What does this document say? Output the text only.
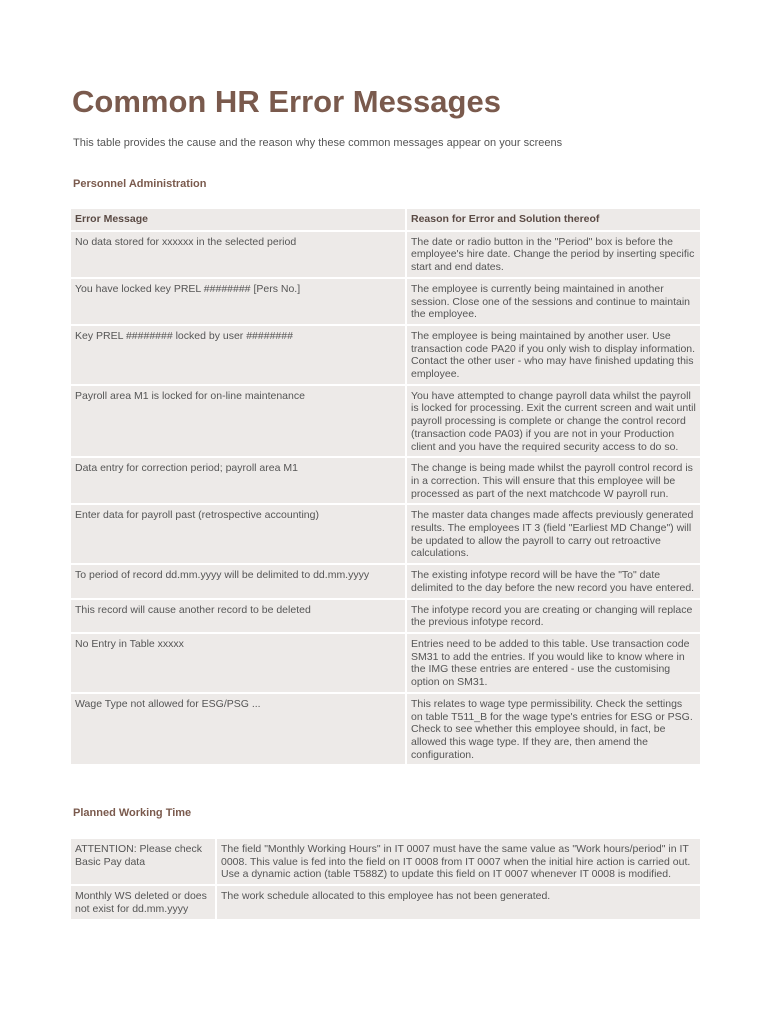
Common HR Error Messages

This table provides the cause and the reason why these common messages appear on your screens

Personnel Administration
Error Message	Reason for Error and Solution thereof
No data stored for xxxxxx in the selected period	The date or radio button in the "Period" box is before the employee's hire date. Change the period by inserting specific start and end dates.
You have locked key PREL ######## [Pers No.]	The employee is currently being maintained in another session. Close one of the sessions and continue to maintain the employee.
Key PREL ######## locked by user ########	The employee is being maintained by another user. Use transaction code PA20 if you only wish to display information. Contact the other user - who may have finished updating this employee.
Payroll area M1 is locked for on-line maintenance	You have attempted to change payroll data whilst the payroll is locked for processing. Exit the current screen and wait until payroll processing is complete or change the control record (transaction code PA03) if you are not in your Production client and you have the required security access to do so.
Data entry for correction period; payroll area M1	The change is being made whilst the payroll control record is in a correction. This will ensure that this employee will be processed as part of the next matchcode W payroll run.
Enter data for payroll past (retrospective accounting)	The master data changes made affects previously generated results. The employees IT 3 (field "Earliest MD Change") will be updated to allow the payroll to carry out retroactive calculations.
To period of record dd.mm.yyyy will be delimited to dd.mm.yyyy	The existing infotype record will be have the "To" date delimited to the day before the new record you have entered.
This record will cause another record to be deleted	The infotype record you are creating or changing will replace the previous infotype record.
No Entry in Table xxxxx	Entries need to be added to this table. Use transaction code SM31 to add the entries. If you would like to know where in the IMG these entries are entered - use the customising option on SM31.
Wage Type not allowed for ESG/PSG ...	This relates to wage type permissibility. Check the settings on table T511_B for the wage type's entries for ESG or PSG. Check to see whether this employee should, in fact, be allowed this wage type. If they are, then amend the configuration.
Planned Working Time
ATTENTION: Please check Basic Pay data	The field "Monthly Working Hours" in IT 0007 must have the same value as "Work hours/period" in IT 0008. This value is fed into the field on IT 0008 from IT 0007 when the initial hire action is carried out. Use a dynamic action (table T588Z) to update this field on IT 0007 whenever IT 0008 is modified.
Monthly WS deleted or does not exist for dd.mm.yyyy	The work schedule allocated to this employee has not been generated.
